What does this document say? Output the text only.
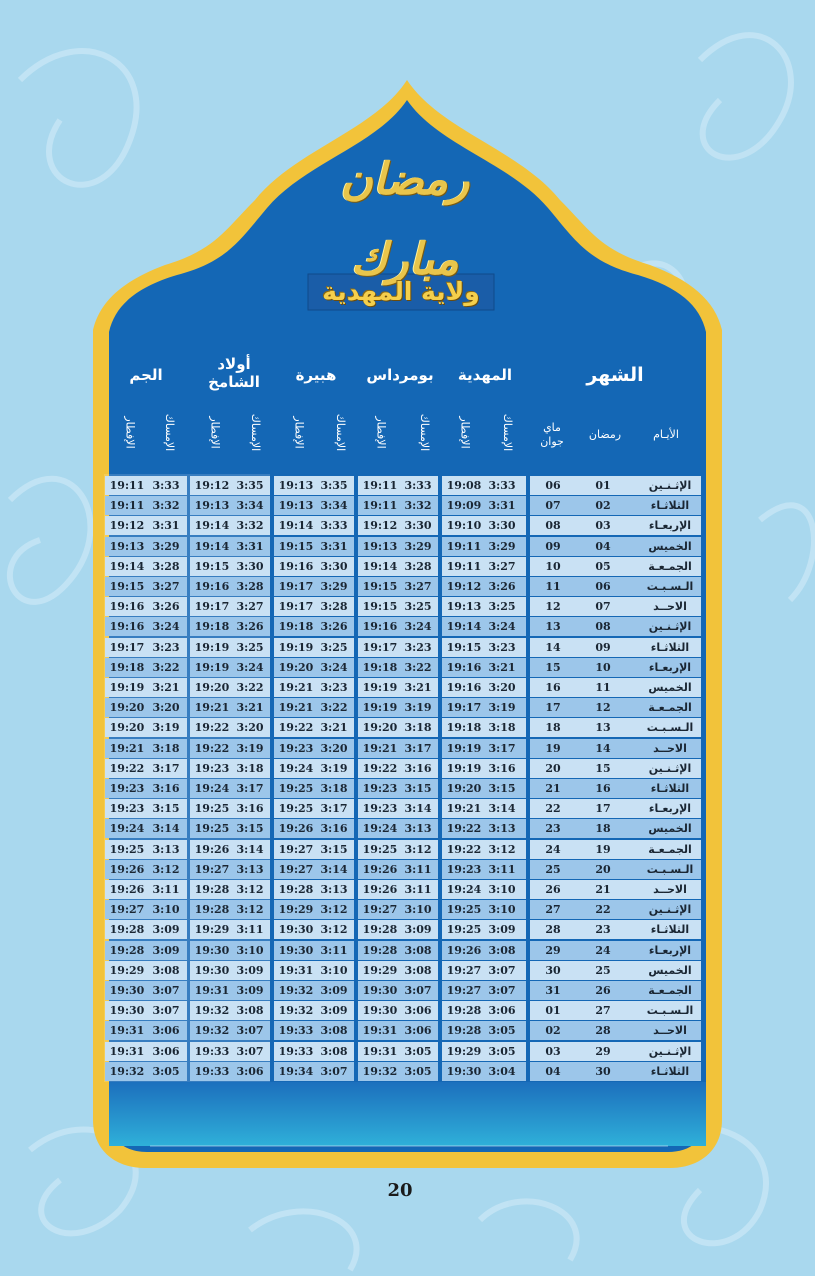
رمضان مبارك
ولاية المهدية
الشهر
المهدية
بومرداس
هبيرة
أولاد الشامخ
الجم
الأيـام
رمضان
ماي جوان
الإمساك
الإفطار
الإمساك
الإفطار
الإمساك
الإفطار
الإمساك
الإفطار
الإمساك
الإفطار
الإثـنـين
01
06
19:08 3:33
19:11 3:33
19:13 3:35
19:12 3:35
19:11 3:33
الثلاثـاء
02
07
19:09 3:31
19:11 3:32
19:13 3:34
19:13 3:34
19:11 3:32
الإربعـاء
03
08
19:10 3:30
19:12 3:30
19:14 3:33
19:14 3:32
19:12 3:31
الخميس
04
09
19:11 3:29
19:13 3:29
19:15 3:31
19:14 3:31
19:13 3:29
الجمـعـة
05
10
19:11 3:27
19:14 3:28
19:16 3:30
19:15 3:30
19:14 3:28
الـسـبـت
06
11
19:12 3:26
19:15 3:27
19:17 3:29
19:16 3:28
19:15 3:27
الاحــد
07
12
19:13 3:25
19:15 3:25
19:17 3:28
19:17 3:27
19:16 3:26
الإثـنـين
08
13
19:14 3:24
19:16 3:24
19:18 3:26
19:18 3:26
19:16 3:24
الثلاثـاء
09
14
19:15 3:23
19:17 3:23
19:19 3:25
19:19 3:25
19:17 3:23
الإربعـاء
10
15
19:16 3:21
19:18 3:22
19:20 3:24
19:19 3:24
19:18 3:22
الخميس
11
16
19:16 3:20
19:19 3:21
19:21 3:23
19:20 3:22
19:19 3:21
الجمـعـة
12
17
19:17 3:19
19:19 3:19
19:21 3:22
19:21 3:21
19:20 3:20
الـسـبـت
13
18
19:18 3:18
19:20 3:18
19:22 3:21
19:22 3:20
19:20 3:19
الاحــد
14
19
19:19 3:17
19:21 3:17
19:23 3:20
19:22 3:19
19:21 3:18
الإثـنـين
15
20
19:19 3:16
19:22 3:16
19:24 3:19
19:23 3:18
19:22 3:17
الثلاثـاء
16
21
19:20 3:15
19:23 3:15
19:25 3:18
19:24 3:17
19:23 3:16
الإربعـاء
17
22
19:21 3:14
19:23 3:14
19:25 3:17
19:25 3:16
19:23 3:15
الخميس
18
23
19:22 3:13
19:24 3:13
19:26 3:16
19:25 3:15
19:24 3:14
الجمـعـة
19
24
19:22 3:12
19:25 3:12
19:27 3:15
19:26 3:14
19:25 3:13
الـسـبـت
20
25
19:23 3:11
19:26 3:11
19:27 3:14
19:27 3:13
19:26 3:12
الاحــد
21
26
19:24 3:10
19:26 3:11
19:28 3:13
19:28 3:12
19:26 3:11
الإثـنـين
22
27
19:25 3:10
19:27 3:10
19:29 3:12
19:28 3:12
19:27 3:10
الثلاثـاء
23
28
19:25 3:09
19:28 3:09
19:30 3:12
19:29 3:11
19:28 3:09
الإربعـاء
24
29
19:26 3:08
19:28 3:08
19:30 3:11
19:30 3:10
19:28 3:09
الخميس
25
30
19:27 3:07
19:29 3:08
19:31 3:10
19:30 3:09
19:29 3:08
الجمـعـة
26
31
19:27 3:07
19:30 3:07
19:32 3:09
19:31 3:09
19:30 3:07
الـسـبـت
27
01
19:28 3:06
19:30 3:06
19:32 3:09
19:32 3:08
19:30 3:07
الاحــد
28
02
19:28 3:05
19:31 3:06
19:33 3:08
19:32 3:07
19:31 3:06
الإثـنـين
29
03
19:29 3:05
19:31 3:05
19:33 3:08
19:33 3:07
19:31 3:06
الثلاثـاء
30
04
19:30 3:04
19:32 3:05
19:34 3:07
19:33 3:06
19:32 3:05
20
